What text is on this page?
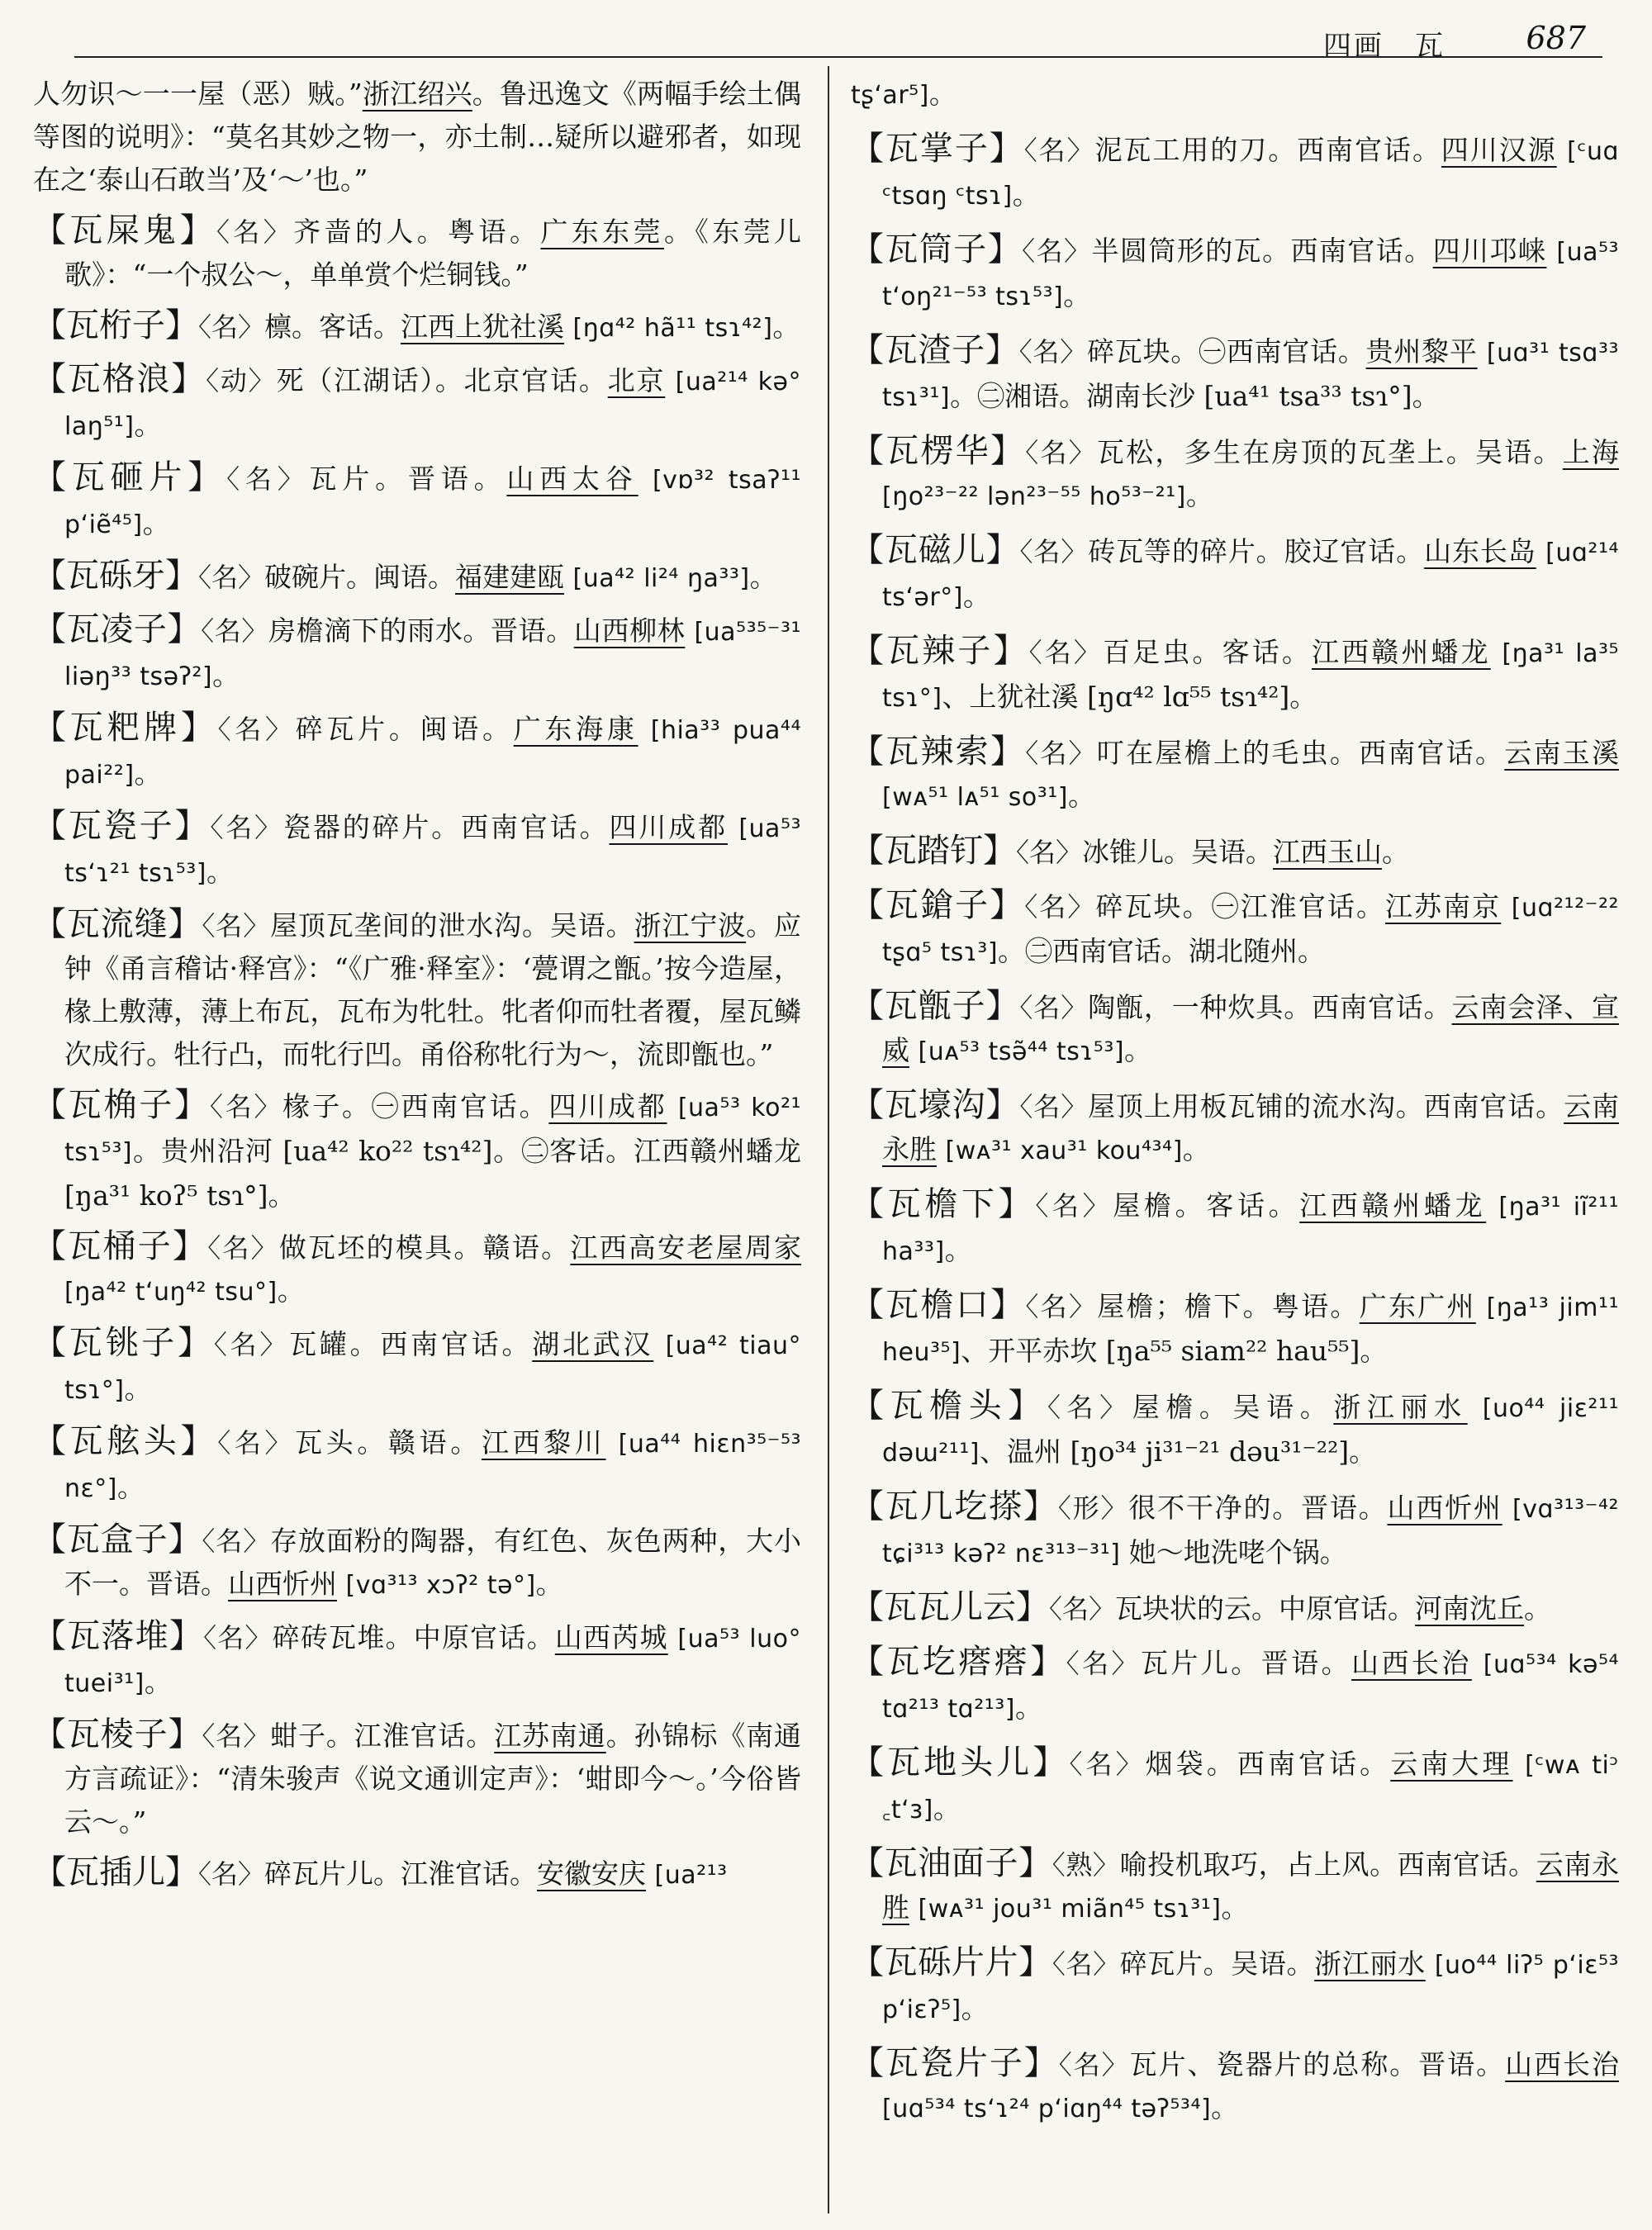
四画　瓦	687

人勿识～一一屋（恶）贼。”浙江绍兴。鲁迅逸文《两幅手绘土偶等图的说明》：“莫名其妙之物一，亦土制…疑所以避邪者，如现在之‘泰山石敢当’及‘～’也。”

【瓦屎鬼】〈名〉齐啬的人。粤语。广东东莞。《东莞儿歌》：“一个叔公～，单单赏个烂铜钱。”

【瓦桁子】〈名〉檩。客话。江西上犹社溪 [ŋɑ⁴² hã¹¹ tsɿ⁴²]。

【瓦格浪】〈动〉死（江湖话）。北京官话。北京 [ua²¹⁴ kə° laŋ⁵¹]。

【瓦砸片】〈名〉瓦片。晋语。山西太谷 [vɒ³² tsaʔ¹¹ pʻiẽ⁴⁵]。

【瓦砾牙】〈名〉破碗片。闽语。福建建瓯 [ua⁴² li²⁴ ŋa³³]。

【瓦凌子】〈名〉房檐滴下的雨水。晋语。山西柳林 [ua⁵³⁵⁻³¹ liəŋ³³ tsəʔ²]。

【瓦粑牌】〈名〉碎瓦片。闽语。广东海康 [hia³³ pua⁴⁴ pai²²]。

【瓦瓷子】〈名〉瓷器的碎片。西南官话。四川成都 [ua⁵³ tsʻɿ²¹ tsɿ⁵³]。

【瓦流缝】〈名〉屋顶瓦垄间的泄水沟。吴语。浙江宁波。应钟《甬言稽诂·释宫》：“《广雅·释室》：‘甍谓之甑。’按今造屋，椽上敷薄，薄上布瓦，瓦布为牝牡。牝者仰而牡者覆，屋瓦鳞次成行。牡行凸，而牝行凹。甬俗称牝行为～，流即甑也。”

【瓦桷子】〈名〉椽子。㊀西南官话。四川成都 [ua⁵³ ko²¹ tsɿ⁵³]。贵州沿河 [ua⁴² ko²² tsɿ⁴²]。㊁客话。江西赣州蟠龙 [ŋa³¹ koʔ⁵ tsɿ°]。

【瓦桶子】〈名〉做瓦坯的模具。赣语。江西高安老屋周家 [ŋa⁴² tʻuŋ⁴² tsu°]。

【瓦铫子】〈名〉瓦罐。西南官话。湖北武汉 [ua⁴² tiau° tsɿ°]。

【瓦舷头】〈名〉瓦头。赣语。江西黎川 [ua⁴⁴ hiɛn³⁵⁻⁵³ nɛ°]。

【瓦盒子】〈名〉存放面粉的陶器，有红色、灰色两种，大小不一。晋语。山西忻州 [vɑ³¹³ xɔʔ² tə°]。

【瓦落堆】〈名〉碎砖瓦堆。中原官话。山西芮城 [ua⁵³ luo° tuei³¹]。

【瓦棱子】〈名〉蚶子。江淮官话。江苏南通。孙锦标《南通方言疏证》：“清朱骏声《说文通训定声》：‘蚶即今～。’今俗皆云～。”

【瓦插儿】〈名〉碎瓦片儿。江淮官话。安徽安庆 [ua²¹³

tʂʻar⁵]。

【瓦掌子】〈名〉泥瓦工用的刀。西南官话。四川汉源 [ᶜuɑ ᶜtsɑŋ ᶜtsɿ]。

【瓦筒子】〈名〉半圆筒形的瓦。西南官话。四川邛崃 [ua⁵³ tʻoŋ²¹⁻⁵³ tsɿ⁵³]。

【瓦渣子】〈名〉碎瓦块。㊀西南官话。贵州黎平 [uɑ³¹ tsɑ³³ tsɿ³¹]。㊁湘语。湖南长沙 [ua⁴¹ tsa³³ tsɿ°]。

【瓦楞华】〈名〉瓦松，多生在房顶的瓦垄上。吴语。上海 [ŋo²³⁻²² lən²³⁻⁵⁵ ho⁵³⁻²¹]。

【瓦磁儿】〈名〉砖瓦等的碎片。胶辽官话。山东长岛 [uɑ²¹⁴ tsʻər°]。

【瓦辣子】〈名〉百足虫。客话。江西赣州蟠龙 [ŋa³¹ la³⁵ tsɿ°]、上犹社溪 [ŋɑ⁴² lɑ⁵⁵ tsɿ⁴²]。

【瓦辣索】〈名〉叮在屋檐上的毛虫。西南官话。云南玉溪 [wᴀ⁵¹ lᴀ⁵¹ so³¹]。

【瓦踏钉】〈名〉冰锥儿。吴语。江西玉山。

【瓦鎗子】〈名〉碎瓦块。㊀江淮官话。江苏南京 [uɑ²¹²⁻²² tʂɑ⁵ tsɿ³]。㊁西南官话。湖北随州。

【瓦甑子】〈名〉陶甑，一种炊具。西南官话。云南会泽、宣威 [uᴀ⁵³ tsə̃⁴⁴ tsɿ⁵³]。

【瓦壕沟】〈名〉屋顶上用板瓦铺的流水沟。西南官话。云南永胜 [wᴀ³¹ xau³¹ kou⁴³⁴]。

【瓦檐下】〈名〉屋檐。客话。江西赣州蟠龙 [ŋa³¹ iĩ²¹¹ ha³³]。

【瓦檐口】〈名〉屋檐；檐下。粤语。广东广州 [ŋa¹³ jim¹¹ heu³⁵]、开平赤坎 [ŋa⁵⁵ siam²² hau⁵⁵]。

【瓦檐头】〈名〉屋檐。吴语。浙江丽水 [uo⁴⁴ jiɛ²¹¹ dəɯ²¹¹]、温州 [ŋo³⁴ ji³¹⁻²¹ dəu³¹⁻²²]。

【瓦几圪搽】〈形〉很不干净的。晋语。山西忻州 [vɑ³¹³⁻⁴² tɕi³¹³ kəʔ² nɛ³¹³⁻³¹] 她～地洗咾个锅。

【瓦瓦儿云】〈名〉瓦块状的云。中原官话。河南沈丘。

【瓦圪瘩瘩】〈名〉瓦片儿。晋语。山西长治 [uɑ⁵³⁴ kə⁵⁴ tɑ²¹³ tɑ²¹³]。

【瓦地头儿】〈名〉烟袋。西南官话。云南大理 [ᶜwᴀ tiᵓ ꜀tʻɜ]。

【瓦油面子】〈熟〉喻投机取巧，占上风。西南官话。云南永胜 [wᴀ³¹ jou³¹ miãn⁴⁵ tsɿ³¹]。

【瓦砾片片】〈名〉碎瓦片。吴语。浙江丽水 [uo⁴⁴ liʔ⁵ pʻiɛ⁵³ pʻiɛʔ⁵]。

【瓦瓷片子】〈名〉瓦片、瓷器片的总称。晋语。山西长治 [uɑ⁵³⁴ tsʻɿ²⁴ pʻiɑŋ⁴⁴ təʔ⁵³⁴]。
